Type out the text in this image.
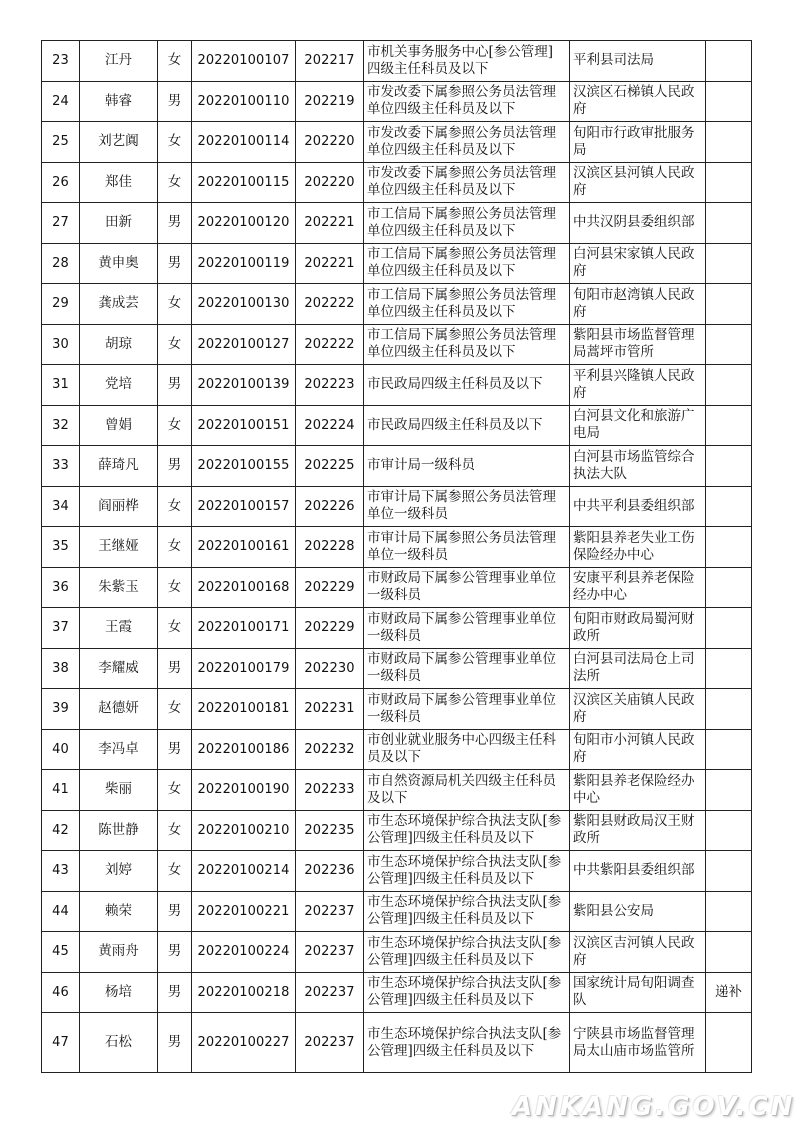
23	江丹	女	20220100107	202217	市机关事务服务中心[参公管理]四级主任科员及以下	平利县司法局	
24	韩睿	男	20220100110	202219	市发改委下属参照公务员法管理单位四级主任科员及以下	汉滨区石梯镇人民政府	
25	刘艺阗	女	20220100114	202220	市发改委下属参照公务员法管理单位四级主任科员及以下	旬阳市行政审批服务局	
26	郑佳	女	20220100115	202220	市发改委下属参照公务员法管理单位四级主任科员及以下	汉滨区县河镇人民政府	
27	田新	男	20220100120	202221	市工信局下属参照公务员法管理单位四级主任科员及以下	中共汉阴县委组织部	
28	黄申奥	男	20220100119	202221	市工信局下属参照公务员法管理单位四级主任科员及以下	白河县宋家镇人民政府	
29	龚成芸	女	20220100130	202222	市工信局下属参照公务员法管理单位四级主任科员及以下	旬阳市赵湾镇人民政府	
30	胡琼	女	20220100127	202222	市工信局下属参照公务员法管理单位四级主任科员及以下	紫阳县市场监督管理局蒿坪市管所	
31	党培	男	20220100139	202223	市民政局四级主任科员及以下	平利县兴隆镇人民政府	
32	曾娟	女	20220100151	202224	市民政局四级主任科员及以下	白河县文化和旅游广电局	
33	薛琦凡	男	20220100155	202225	市审计局一级科员	白河县市场监管综合执法大队	
34	阎丽桦	女	20220100157	202226	市审计局下属参照公务员法管理单位一级科员	中共平利县委组织部	
35	王继娅	女	20220100161	202228	市审计局下属参照公务员法管理单位一级科员	紫阳县养老失业工伤保险经办中心	
36	朱紫玉	女	20220100168	202229	市财政局下属参公管理事业单位一级科员	安康平利县养老保险经办中心	
37	王霞	女	20220100171	202229	市财政局下属参公管理事业单位一级科员	旬阳市财政局蜀河财政所	
38	李耀威	男	20220100179	202230	市财政局下属参公管理事业单位一级科员	白河县司法局仓上司法所	
39	赵德妍	女	20220100181	202231	市财政局下属参公管理事业单位一级科员	汉滨区关庙镇人民政府	
40	李冯卓	男	20220100186	202232	市创业就业服务中心四级主任科员及以下	旬阳市小河镇人民政府	
41	柴丽	女	20220100190	202233	市自然资源局机关四级主任科员及以下	紫阳县养老保险经办中心	
42	陈世静	女	20220100210	202235	市生态环境保护综合执法支队[参公管理]四级主任科员及以下	紫阳县财政局汉王财政所	
43	刘婷	女	20220100214	202236	市生态环境保护综合执法支队[参公管理]四级主任科员及以下	中共紫阳县委组织部	
44	赖荣	男	20220100221	202237	市生态环境保护综合执法支队[参公管理]四级主任科员及以下	紫阳县公安局	
45	黄雨舟	男	20220100224	202237	市生态环境保护综合执法支队[参公管理]四级主任科员及以下	汉滨区吉河镇人民政府	
46	杨培	男	20220100218	202237	市生态环境保护综合执法支队[参公管理]四级主任科员及以下	国家统计局旬阳调查队	递补
47	石松	男	20220100227	202237	市生态环境保护综合执法支队[参公管理]四级主任科员及以下	宁陕县市场监督管理局太山庙市场监管所	
ANKANG.GOV.CN
